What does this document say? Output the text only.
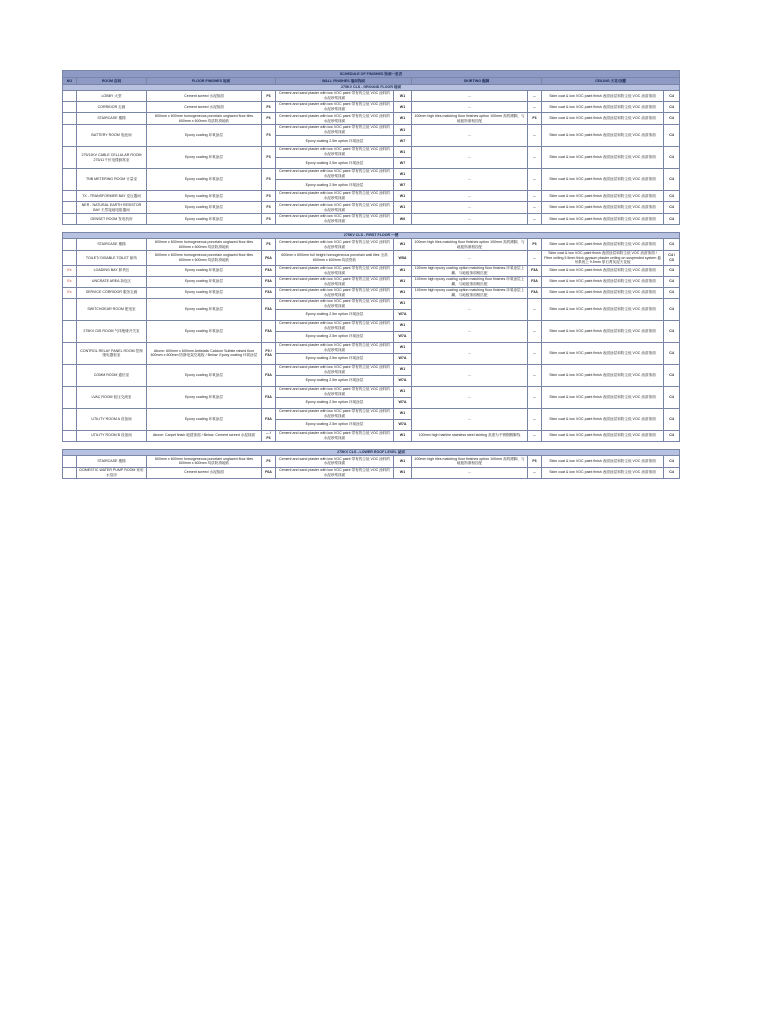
SCHEDULE OF FINISHES 饰面一览表									
NO	ROOM 房间	FLOOR FINISHES 地面		WALL FINISHES 墙面饰面		SKIRTING 踢脚		CEILING 天花/顶棚	
275KV CLS - GROUND FLOOR 地面									
	LOBBY 大堂	Cement screed 水泥抹面	F6	Cement and sand plaster with low VOC paint 带有的尘低 VOC 涂料的水泥砂浆抹面	W1	--	--	Skim coat & low VOC paint finish 表面涂层和防尘低 VOC 油漆饰面	C4
	CORRIDOR 走廊	Cement screed 水泥抹面	F6	Cement and sand plaster with low VOC paint 带有的尘低 VOC 涂料的水泥砂浆抹面	W1	--	--	Skim coat & low VOC paint finish 表面涂层和防尘低 VOC 油漆饰面	C4
	STAIRCASE 楼梯	600mm x 600mm homogeneous porcelain unglazed floor tiles 600mm x 600mm 均质防滑地砖	F6	Cement and sand plaster with low VOC paint 带有的尘低 VOC 涂料的水泥砂浆抹面	W1	100mm high tiles matching floor finishes option 100mm 高的踢脚，与地板饰面相匹配	F6	Skim coat & low VOC paint finish 表面涂层和防尘低 VOC 油漆饰面	C4
	BATTERY ROOM 电池间	Epoxy coating 环氧涂层	F3	Cement and sand plaster with low VOC paint 带有的尘低 VOC 涂料的水泥砂浆抹面	W1	--	--	Skim coat & low VOC paint finish 表面涂层和防尘低 VOC 油漆饰面	C4
				Epoxy coating 2.5m option 环氧涂层	W7				
	275/11KV CABLE CELLULAR ROOM 275/11千伏电缆蜂窝室	Epoxy coating 环氧涂层	F3	Cement and sand plaster with low VOC paint 带有的尘低 VOC 涂料的水泥砂浆抹面	W1	--	--	Skim coat & low VOC paint finish 表面涂层和防尘低 VOC 油漆饰面	C4
				Epoxy coating 2.5m option 环氧涂层	W7				
	TNB METERING ROOM 计量室	Epoxy coating 环氧涂层	F3	Cement and sand plaster with low VOC paint 带有的尘低 VOC 涂料的水泥砂浆抹面	W1	--	--	Skim coat & low VOC paint finish 表面涂层和防尘低 VOC 油漆饰面	C4
				Epoxy coating 2.5m option 环氧涂层	W7				
	TX - TRANSFORMER BAY 变压器间	Epoxy coating 环氧涂层	F3	Cement and sand plaster with low VOC paint 带有的尘低 VOC 涂料的水泥砂浆抹面	W1	--	--	Skim coat & low VOC paint finish 表面涂层和防尘低 VOC 油漆饰面	C4
	NER - NATURAL EARTH RESISTOR BAY 天然接地电阻器间	Epoxy coating 环氧涂层	F3	Cement and sand plaster with low VOC paint 带有的尘低 VOC 涂料的水泥砂浆抹面	W1	--	--	Skim coat & low VOC paint finish 表面涂层和防尘低 VOC 油漆饰面	C4
	GENSET ROOM 发电机房	Epoxy coating 环氧涂层	F3	Cement and sand plaster with low VOC paint 带有的尘低 VOC 涂料的水泥砂浆抹面	W6	--	--	Skim coat & low VOC paint finish 表面涂层和防尘低 VOC 油漆饰面	C4

275KV CLS - FIRST FLOOR 一楼									
	STAIRCASE 楼梯	600mm x 600mm homogeneous porcelain unglazed floor tiles 600mm x 600mm 均质防滑地砖	F6	Cement and sand plaster with low VOC paint 带有的尘低 VOC 涂料的水泥砂浆抹面	W1	100mm high tiles matching floor finishes option 100mm 高的踢脚，与地板饰面相匹配	F6	Skim coat & low VOC paint finish 表面涂层和防尘低 VOC 油漆饰面	C4
	TOILET/ DISABLE TOILET 厕所	600mm x 600mm homogeneous porcelain unglazed floor tiles 600mm x 600mm 均质防滑地砖	F6A	600mm x 600mm full height homogeneous porcelain wall tiles 全高 600mm x 600mm 均质瓷砖	W5A	--	--	Skim coat & low VOC paint finish 表面涂层和防尘低 VOC 油漆饰面 / Fibre ceiling 9.5mm thick gypsum plaster ceiling on suspended system 悬吊系统上 9.5mm 厚石膏灰泥天花板	C4 / C3
Ex	LOADING BAY 卸货区	Epoxy coating 环氧涂层	F3A	Cement and sand plaster with low VOC paint 带有的尘低 VOC 涂料的水泥砂浆抹面	W1	100mm high epoxy coating option matching floor finishes 环氧涂层上翻，与地板饰面相匹配	F3A	Skim coat & low VOC paint finish 表面涂层和防尘低 VOC 油漆饰面	C4
Ex	UNCRATE AREA 拆包区	Epoxy coating 环氧涂层	F3A	Cement and sand plaster with low VOC paint 带有的尘低 VOC 涂料的水泥砂浆抹面	W1	100mm high epoxy coating option matching floor finishes 环氧涂层上翻，与地板饰面相匹配	F3A	Skim coat & low VOC paint finish 表面涂层和防尘低 VOC 油漆饰面	C4
Ex	SERVICE CORRIDOR 服务走廊	Epoxy coating 环氧涂层	F3A	Cement and sand plaster with low VOC paint 带有的尘低 VOC 涂料的水泥砂浆抹面	W1	100mm high epoxy coating option matching floor finishes 环氧涂层上翻，与地板饰面相匹配	F3A	Skim coat & low VOC paint finish 表面涂层和防尘低 VOC 油漆饰面	C4
	SWITCHGEAR ROOM 配电室	Epoxy coating 环氧涂层	F3A	Cement and sand plaster with low VOC paint 带有的尘低 VOC 涂料的水泥砂浆抹面	W1	--	--	Skim coat & low VOC paint finish 表面涂层和防尘低 VOC 油漆饰面	C4
				Epoxy coating 2.5m option 环氧涂层	W7A				
	275KV GIS ROOM 气体绝缘开关室	Epoxy coating 环氧涂层	F3A	Cement and sand plaster with low VOC paint 带有的尘低 VOC 涂料的水泥砂浆抹面	W1	--	--	Skim coat & low VOC paint finish 表面涂层和防尘低 VOC 油漆饰面	C4
				Epoxy coating 2.5m option 环氧涂层	W7A				
	CONTROL RELAY PANEL ROOM 控制继电器柜室	Above: 600mm x 600mm Antistatic Calcium Sulfate raised floor 600mm x 600mm 防静电架空地板 / Below: Epoxy coating 环氧涂层	F9 / F3A	Cement and sand plaster with low VOC paint 带有的尘低 VOC 涂料的水泥砂浆抹面	W1	--	--	Skim coat & low VOC paint finish 表面涂层和防尘低 VOC 油漆饰面	C4
				Epoxy coating 2.5m option 环氧涂层	W7A				
	COMM ROOM 通信室	Epoxy coating 环氧涂层	F3A	Cement and sand plaster with low VOC paint 带有的尘低 VOC 涂料的水泥砂浆抹面	W1	--	--	Skim coat & low VOC paint finish 表面涂层和防尘低 VOC 油漆饰面	C4
				Epoxy coating 2.5m option 环氧涂层	W7A				
	LVAC ROOM 低压交流室	Epoxy coating 环氧涂层	F3A	Cement and sand plaster with low VOC paint 带有的尘低 VOC 涂料的水泥砂浆抹面	W1	--	--	Skim coat & low VOC paint finish 表面涂层和防尘低 VOC 油漆饰面	C4
				Epoxy coating 2.5m option 环氧涂层	W7A				
	UTILITY ROOM A 设备间	Epoxy coating 环氧涂层	F3A	Cement and sand plaster with low VOC paint 带有的尘低 VOC 涂料的水泥砂浆抹面	W1	--	--	Skim coat & low VOC paint finish 表面涂层和防尘低 VOC 油漆饰面	C4
				Epoxy coating 2.5m option 环氧涂层	W7A				
	UTILITY ROOM B 设备间	Above: Carpet finish 地毯饰面 / Below: Cement screed 水泥抹面	-- / F6	Cement and sand plaster with low VOC paint 带有的尘低 VOC 涂料的水泥砂浆抹面	W1	100mm high hairline stainless steel skirting 高度为不锈钢踢脚线	--	Skim coat & low VOC paint finish 表面涂层和防尘低 VOC 油漆饰面	C4

275KV CLS - LOWER ROOF LEVEL 屋面									
	STAIRCASE 楼梯	600mm x 600mm homogeneous porcelain unglazed floor tiles 600mm x 600mm 均质防滑地砖	F6	Cement and sand plaster with low VOC paint 带有的尘低 VOC 涂料的水泥砂浆抹面	W1	100mm high tiles matching floor finishes option 100mm 高的踢脚，与地板饰面相匹配	F6	Skim coat & low VOC paint finish 表面涂层和防尘低 VOC 油漆饰面	C4
	DOMESTIC WATER PUMP ROOM 家用水泵房	Cement screed 水泥抹面	F6A	Cement and sand plaster with low VOC paint 带有的尘低 VOC 涂料的水泥砂浆抹面	W1	--	--	Skim coat & low VOC paint finish 表面涂层和防尘低 VOC 油漆饰面	C4
